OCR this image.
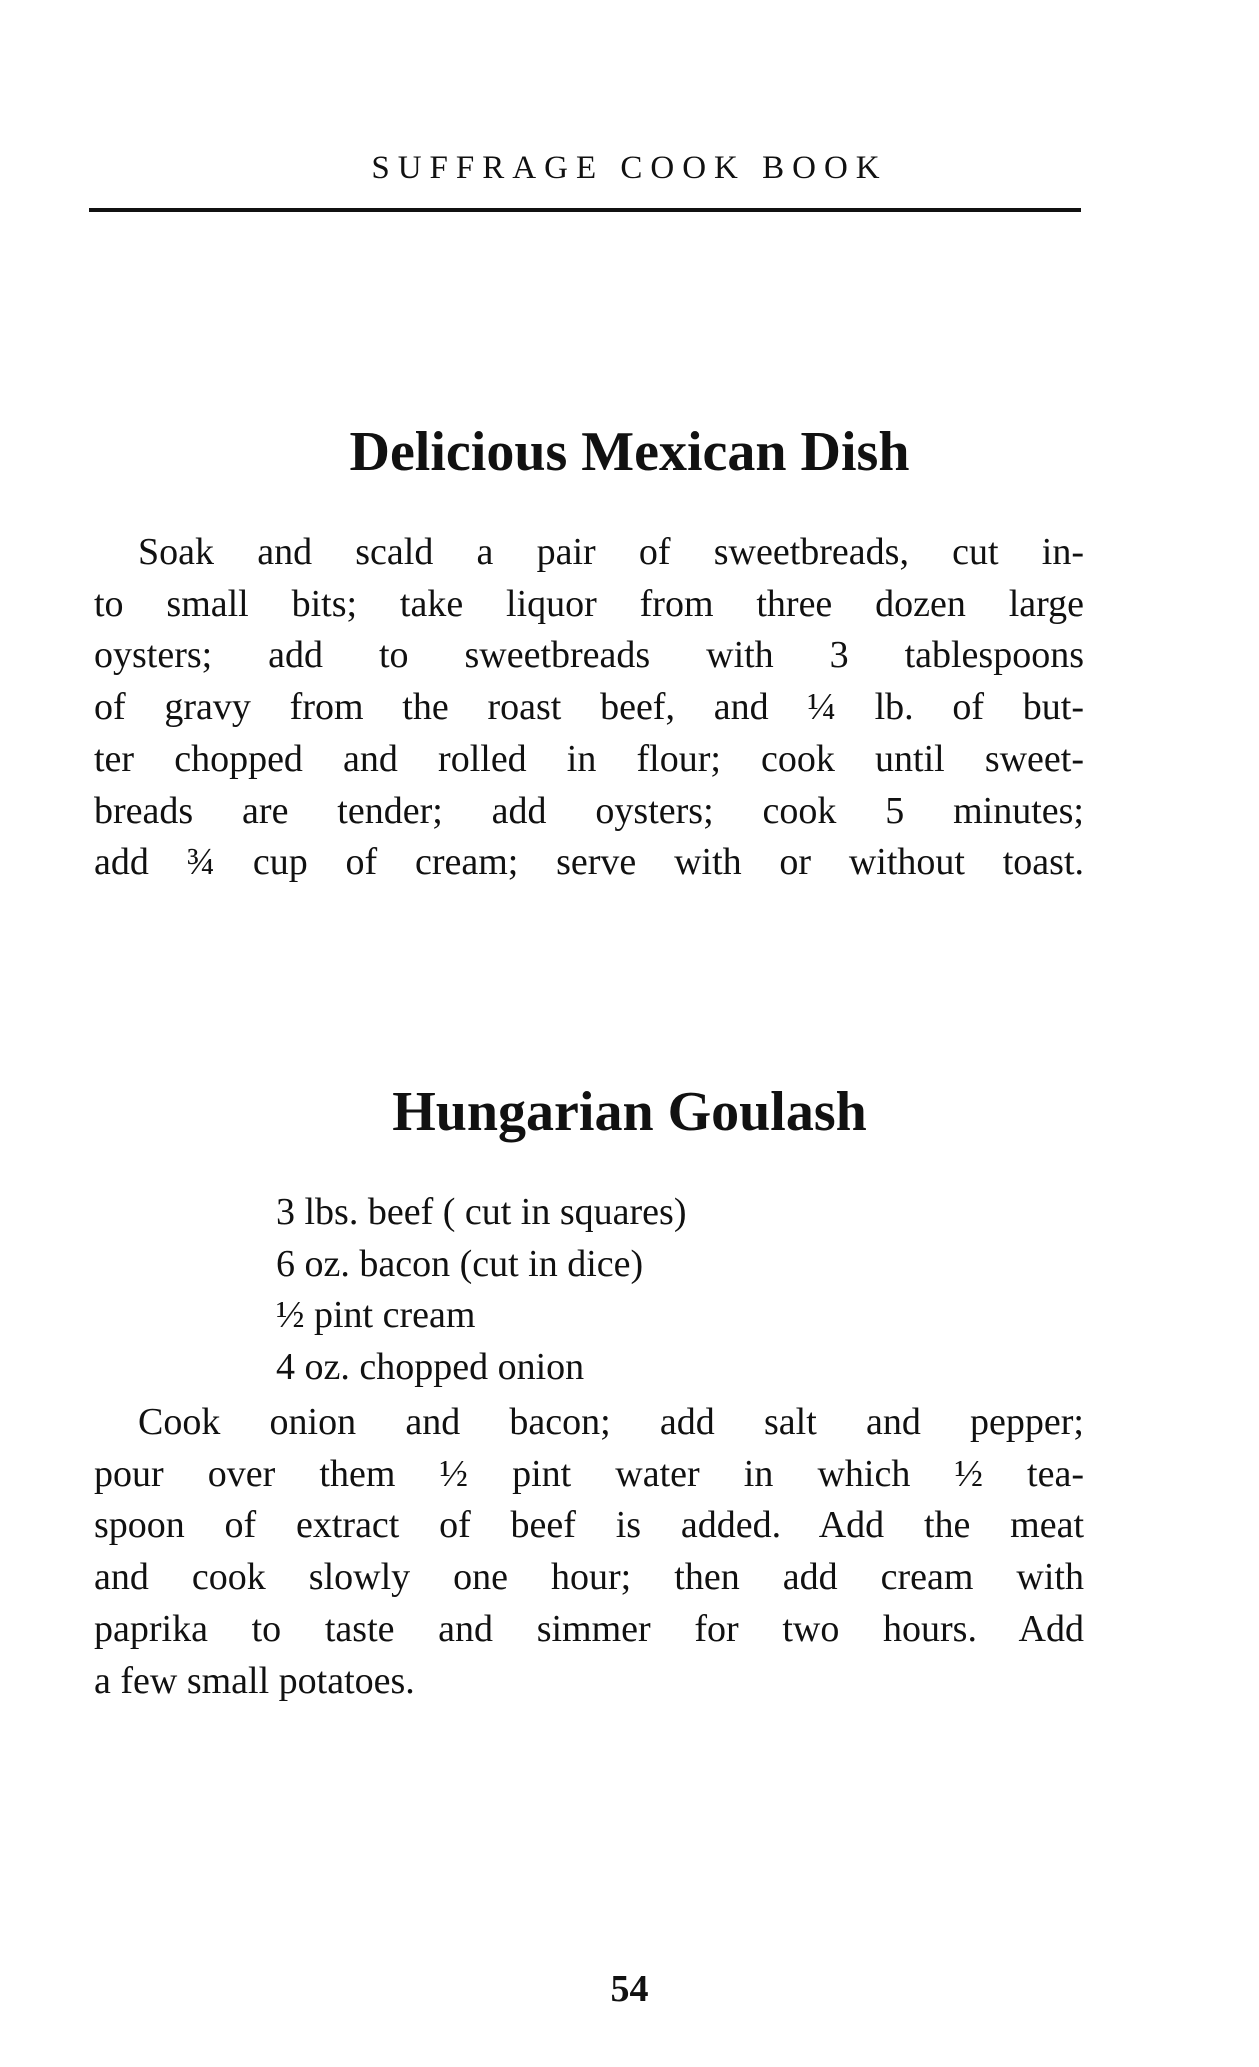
SUFFRAGE COOK BOOK
Delicious Mexican Dish

Soak and scald a pair of sweetbreads, cut in-
to small bits; take liquor from three dozen large
oysters; add to sweetbreads with 3 tablespoons
of gravy from the roast beef, and ¼ lb. of but-
ter chopped and rolled in flour; cook until sweet-
breads are tender; add oysters; cook 5 minutes;
add ¾ cup of cream; serve with or without toast.

Hungarian Goulash
3 lbs. beef ( cut in squares)
6 oz. bacon (cut in dice)
½ pint cream
4 oz. chopped onion

Cook onion and bacon; add salt and pepper;
pour over them ½ pint water in which ½ tea-
spoon of extract of beef is added. Add the meat
and cook slowly one hour; then add cream with
paprika to taste and simmer for two hours. Add
a few small potatoes.

54
